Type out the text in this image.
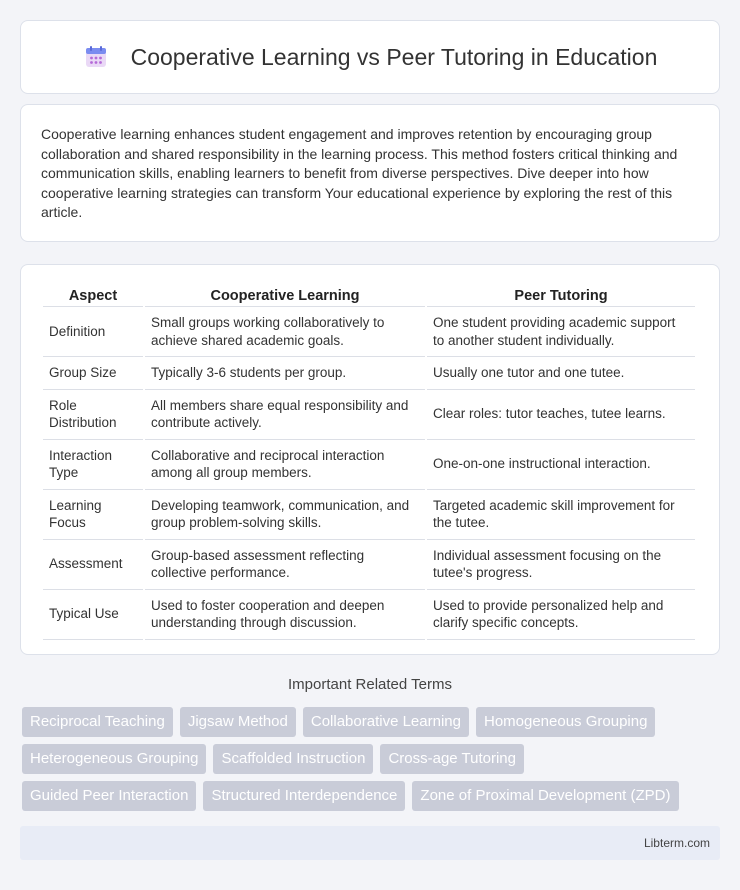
Cooperative Learning vs Peer Tutoring in Education

Cooperative learning enhances student engagement and improves retention by encouraging group collaboration and shared responsibility in the learning process. This method fosters critical thinking and communication skills, enabling learners to benefit from diverse perspectives. Dive deeper into how cooperative learning strategies can transform Your educational experience by exploring the rest of this article.

Aspect	Cooperative Learning	Peer Tutoring
Definition	Small groups working collaboratively to achieve shared academic goals.	One student providing academic support to another student individually.
Group Size	Typically 3-6 students per group.	Usually one tutor and one tutee.
Role Distribution	All members share equal responsibility and contribute actively.	Clear roles: tutor teaches, tutee learns.
Interaction Type	Collaborative and reciprocal interaction among all group members.	One-on-one instructional interaction.
Learning Focus	Developing teamwork, communication, and group problem-solving skills.	Targeted academic skill improvement for the tutee.
Assessment	Group-based assessment reflecting collective performance.	Individual assessment focusing on the tutee's progress.
Typical Use	Used to foster cooperation and deepen understanding through discussion.	Used to provide personalized help and clarify specific concepts.
Important Related Terms
Reciprocal Teaching	Jigsaw Method	Collaborative Learning	Homogeneous Grouping
Heterogeneous Grouping	Scaffolded Instruction	Cross-age Tutoring
Guided Peer Interaction	Structured Interdependence	Zone of Proximal Development (ZPD)
Libterm.com
